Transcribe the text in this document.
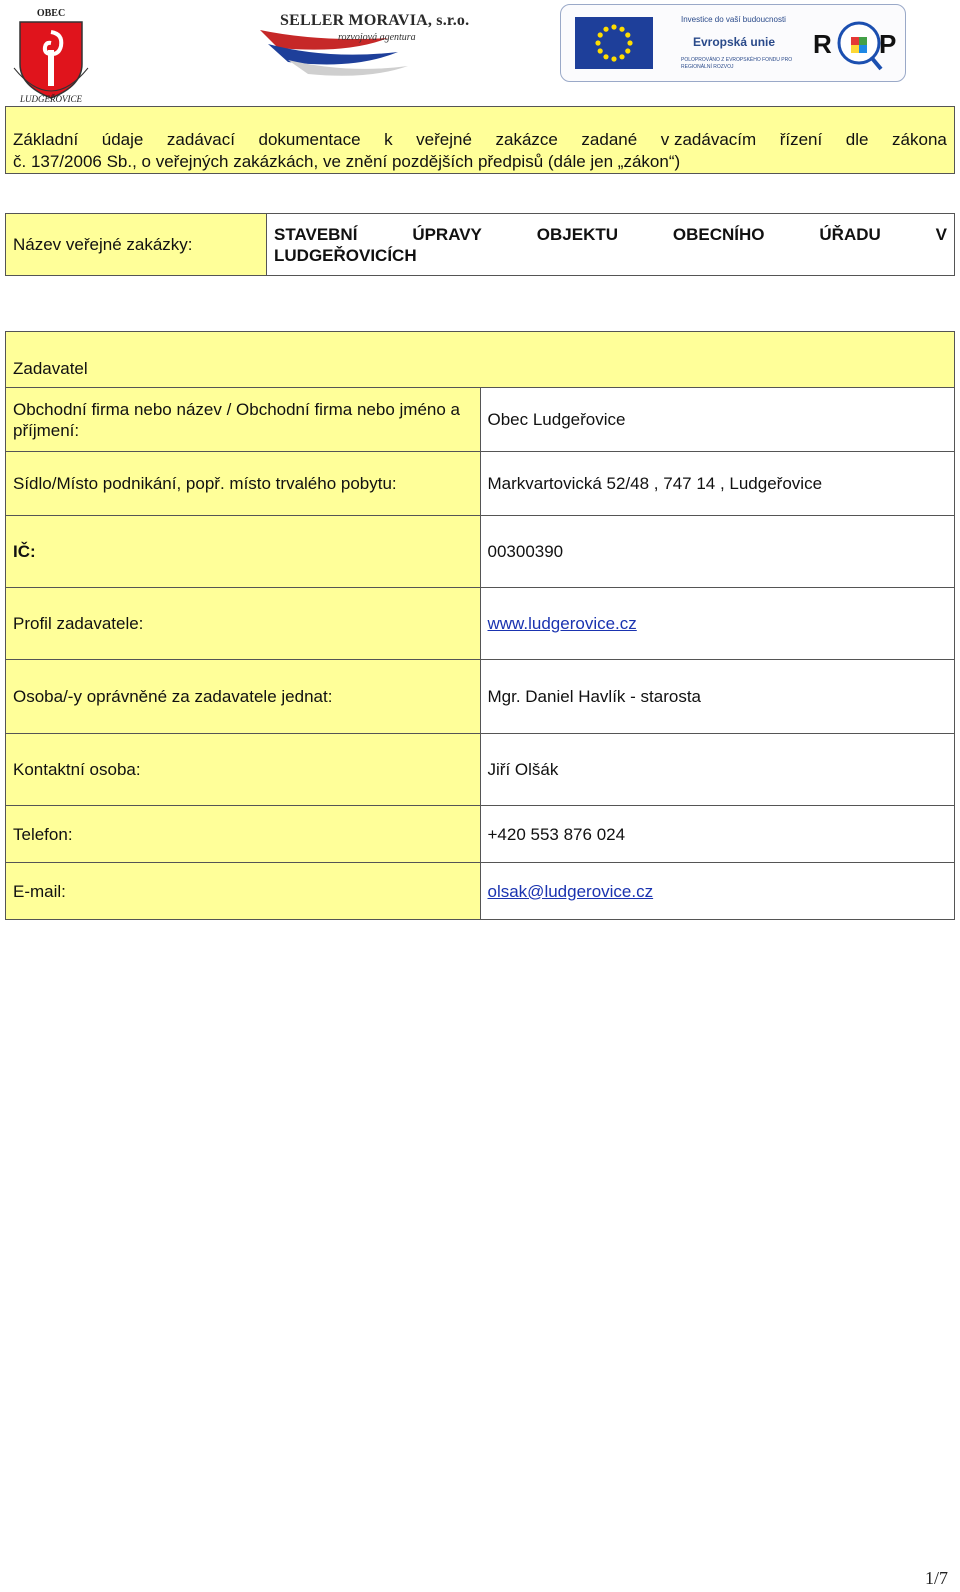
OBEC
LUDGEŘOVICE
SELLER MORAVIA, s.r.o.
rozvojová agentura
Investice do vaší budoucnosti
Evropská unie
POLOPROVÁNO Z EVROPSKÉHO FONDU PRO REGIONÁLNÍ ROZVOJ
R P
Základní údaje zadávací dokumentace k veřejné zakázce zadané v zadávacím řízení dle zákona
č. 137/2006 Sb., o veřejných zakázkách, ve znění pozdějších předpisů (dále jen „zákon“)
Název veřejné zakázky:	
STAVEBNÍ	ÚPRAVY	OBJEKTU	OBECNÍHO	ÚŘADU	V
LUDGEŘOVICÍCH
Zadavatel	
Obchodní firma nebo název / Obchodní firma nebo jméno a příjmení:	Obec Ludgeřovice
Sídlo/Místo podnikání, popř. místo trvalého pobytu:	Markvartovická 52/48 , 747 14 , Ludgeřovice
IČ:	00300390
Profil zadavatele:	www.ludgerovice.cz
Osoba/-y oprávněné za zadavatele jednat:	Mgr. Daniel Havlík - starosta
Kontaktní osoba:	Jiří Olšák
Telefon:	+420 553 876 024
E-mail:	olsak@ludgerovice.cz
1/7
